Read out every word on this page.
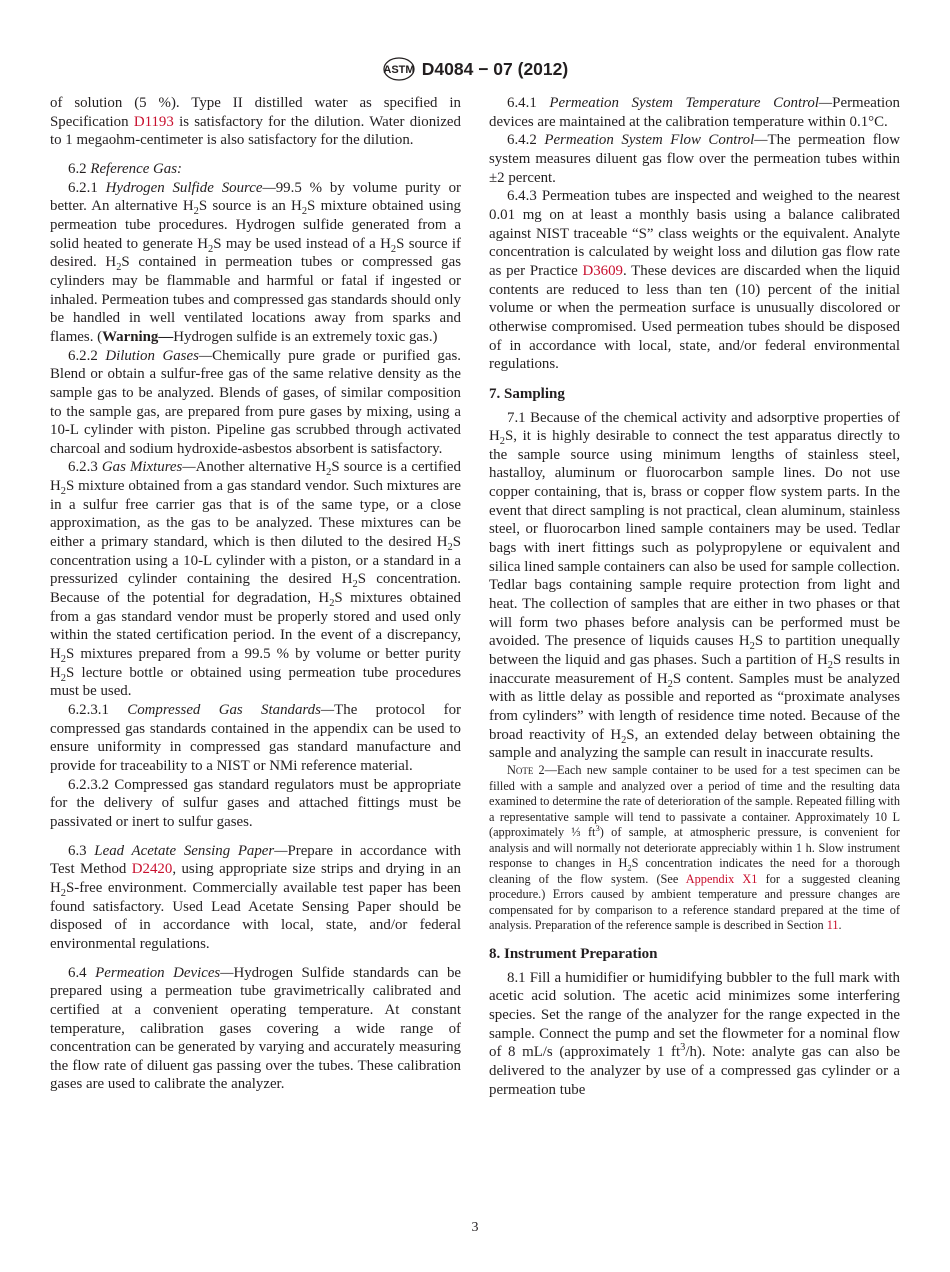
ASTM D4084 − 07 (2012)

of solution (5 %). Type II distilled water as specified in Specification D1193 is satisfactory for the dilution. Water dionized to 1 megaohm-centimeter is also satisfactory for the dilution.

6.2 Reference Gas:

6.2.1 Hydrogen Sulfide Source—99.5 % by volume purity or better. An alternative $H_2S$ source is an $H_2S$ mixture obtained using permeation tube procedures. Hydrogen sulfide generated from a solid heated to generate $H_2S$ may be used instead of a $H_2S$ source if desired. $H_2S$ contained in permeation tubes or compressed gas cylinders may be flammable and harmful or fatal if ingested or inhaled. Permeation tubes and compressed gas standards should only be handled in well ventilated locations away from sparks and flames. (Warning—Hydrogen sulfide is an extremely toxic gas.)

6.2.2 Dilution Gases—Chemically pure grade or purified gas. Blend or obtain a sulfur-free gas of the same relative density as the sample gas to be analyzed. Blends of gases, of similar composition to the sample gas, are prepared from pure gases by mixing, using a 10-L cylinder with piston. Pipeline gas scrubbed through activated charcoal and sodium hydroxide-asbestos absorbent is satisfactory.

6.2.3 Gas Mixtures—Another alternative $H_2S$ source is a certified $H_2S$ mixture obtained from a gas standard vendor. Such mixtures are in a sulfur free carrier gas that is of the same type, or a close approximation, as the gas to be analyzed. These mixtures can be either a primary standard, which is then diluted to the desired $H_2S$ concentration using a 10-L cylinder with a piston, or a standard in a pressurized cylinder containing the desired $H_2S$ concentration. Because of the potential for degradation, $H_2S$ mixtures obtained from a gas standard vendor must be properly stored and used only within the stated certification period. In the event of a discrepancy, $H_2S$ mixtures prepared from a 99.5 % by volume or better purity $H_2S$ lecture bottle or obtained using permeation tube procedures must be used.

6.2.3.1 Compressed Gas Standards—The protocol for compressed gas standards contained in the appendix can be used to ensure uniformity in compressed gas standard manufacture and provide for traceability to a NIST or NMi reference material.

6.2.3.2 Compressed gas standard regulators must be appropriate for the delivery of sulfur gases and attached fittings must be passivated or inert to sulfur gases.

6.3 Lead Acetate Sensing Paper—Prepare in accordance with Test Method D2420, using appropriate size strips and drying in an $H_2S$-free environment. Commercially available test paper has been found satisfactory. Used Lead Acetate Sensing Paper should be disposed of in accordance with local, state, and/or federal environmental regulations.

6.4 Permeation Devices—Hydrogen Sulfide standards can be prepared using a permeation tube gravimetrically calibrated and certified at a convenient operating temperature. At constant temperature, calibration gases covering a wide range of concentration can be generated by varying and accurately measuring the flow rate of diluent gas passing over the tubes. These calibration gases are used to calibrate the analyzer.

6.4.1 Permeation System Temperature Control—Permeation devices are maintained at the calibration temperature within 0.1°C.

6.4.2 Permeation System Flow Control—The permeation flow system measures diluent gas flow over the permeation tubes within ±2 percent.

6.4.3 Permeation tubes are inspected and weighed to the nearest 0.01 mg on at least a monthly basis using a balance calibrated against NIST traceable “S” class weights or the equivalent. Analyte concentration is calculated by weight loss and dilution gas flow rate as per Practice D3609. These devices are discarded when the liquid contents are reduced to less than ten (10) percent of the initial volume or when the permeation surface is unusually discolored or otherwise compromised. Used permeation tubes should be disposed of in accordance with local, state, and/or federal environmental regulations.

7. Sampling

7.1 Because of the chemical activity and adsorptive properties of $H_2S$, it is highly desirable to connect the test apparatus directly to the sample source using minimum lengths of stainless steel, hastalloy, aluminum or fluorocarbon sample lines. Do not use copper containing, that is, brass or copper flow system parts. In the event that direct sampling is not practical, clean aluminum, stainless steel, or fluorocarbon lined sample containers may be used. Tedlar bags with inert fittings such as polypropylene or equivalent and silica lined sample containers can also be used for sample collection. Tedlar bags containing sample require protection from light and heat. The collection of samples that are either in two phases or that will form two phases before analysis can be performed must be avoided. The presence of liquids causes $H_2S$ to partition unequally between the liquid and gas phases. Such a partition of $H_2S$ results in inaccurate measurement of $H_2S$ content. Samples must be analyzed with as little delay as possible and reported as “proximate analyses from cylinders” with length of residence time noted. Because of the broad reactivity of $H_2S$, an extended delay between obtaining the sample and analyzing the sample can result in inaccurate results.

Note 2—Each new sample container to be used for a test specimen can be filled with a sample and analyzed over a period of time and the resulting data examined to determine the rate of deterioration of the sample. Repeated filling with a representative sample will tend to passivate a container. Approximately 10 L (approximately ⅓ $ft^3$) of sample, at atmospheric pressure, is convenient for analysis and will normally not deteriorate appreciably within 1 h. Slow instrument response to changes in $H_2S$ concentration indicates the need for a thorough cleaning of the flow system. (See Appendix X1 for a suggested cleaning procedure.) Errors caused by ambient temperature and pressure changes are compensated for by comparison to a reference standard prepared at the time of analysis. Preparation of the reference sample is described in Section 11.

8. Instrument Preparation

8.1 Fill a humidifier or humidifying bubbler to the full mark with acetic acid solution. The acetic acid minimizes some interfering species. Set the range of the analyzer for the range expected in the sample. Connect the pump and set the flowmeter for a nominal flow of 8 mL/s (approximately 1 $ft^3/h$). Note: analyte gas can also be delivered to the analyzer by use of a compressed gas cylinder or a permeation tube

3
